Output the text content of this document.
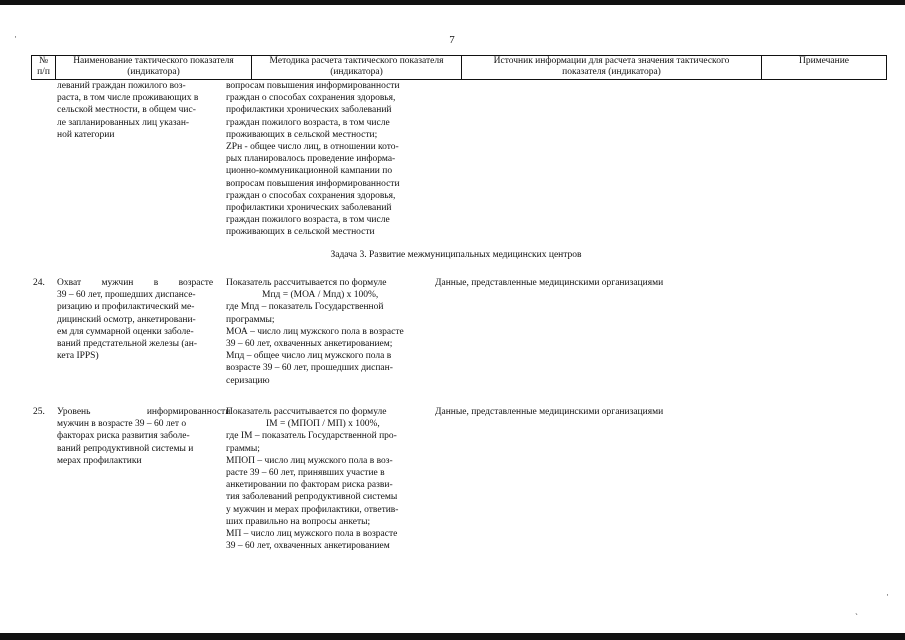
7
·
·
ˋ
№ п/п
Наименование тактического показателя (индикатора)
Методика расчета тактического показателя (индикатора)
Источник информации для расчета значения тактического показателя (индикатора)
Примечание
леваний граждан пожилого воз-
раста, в том числе проживающих в
сельской местности, в общем чис-
ле запланированных лиц указан-
ной категории
вопросам повышения информированности
граждан о способах сохранения здоровья,
профилактики хронических заболеваний
граждан пожилого возраста, в том числе
проживающих в сельской местности;
ZPн - общее число лиц, в отношении кото-
рых планировалось проведение информа-
ционно-коммуникационной кампании по
вопросам повышения информированности
граждан о способах сохранения здоровья,
профилактики хронических заболеваний
граждан пожилого возраста, в том числе
проживающих в сельской местности
Задача 3. Развитие межмуниципальных медицинских центров
24.	Охват мужчин в возрасте
39 – 60 лет, прошедших диспансе-
ризацию и профилактический ме-
дицинский осмотр, анкетировани-
ем для суммарной оценки заболе-
ваний предстательной железы (ан-
кета IPPS)
Показатель рассчитывается по формуле
Мпд = (МОА / Мпд) х 100%,
где Мпд – показатель Государственной
программы;
МОА – число лиц мужского пола в возрасте
39 – 60 лет, охваченных анкетированием;
Мпд – общее число лиц мужского пола в
возрасте 39 – 60 лет, прошедших диспан-
серизацию
Данные, представленные медицинскими организациями
25.	Уровень информированности
мужчин в возрасте 39 – 60 лет о
факторах риска развития заболе-
ваний репродуктивной системы и
мерах профилактики
Показатель рассчитывается по формуле
IМ = (МПОП / МП) х 100%,
где IМ – показатель Государственной про-
граммы;
МПОП – число лиц мужского пола в воз-
расте 39 – 60 лет, принявших участие в
анкетировании по факторам риска разви-
тия заболеваний репродуктивной системы
у мужчин и мерах профилактики, ответив-
ших правильно на вопросы анкеты;
МП – число лиц мужского пола в возрасте
39 – 60 лет, охваченных анкетированием
Данные, представленные медицинскими организациями
